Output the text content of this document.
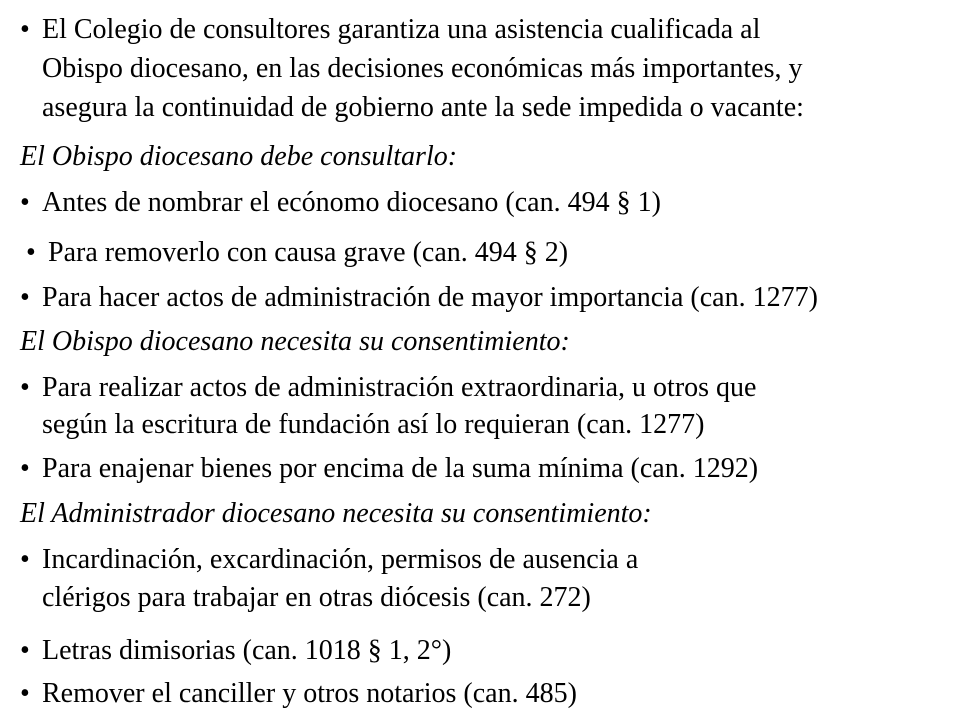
• El Colegio de consultores garantiza una asistencia cualificada al
Obispo diocesano, en las decisiones económicas más importantes, y
asegura la continuidad de gobierno ante la sede impedida o vacante:
El Obispo diocesano debe consultarlo:
• Antes de nombrar el ecónomo diocesano (can. 494 § 1)
• Para removerlo con causa grave (can. 494 § 2)
• Para hacer actos de administración de mayor importancia (can. 1277)
El Obispo diocesano necesita su consentimiento:
• Para realizar actos de administración extraordinaria, u otros que
según la escritura de fundación así lo requieran (can. 1277)
• Para enajenar bienes por encima de la suma mínima (can. 1292)
El Administrador diocesano necesita su consentimiento:
• Incardinación, excardinación, permisos de ausencia a
clérigos para trabajar en otras diócesis (can. 272)
• Letras dimisorias (can. 1018 § 1, 2°)
• Remover el canciller y otros notarios (can. 485)
